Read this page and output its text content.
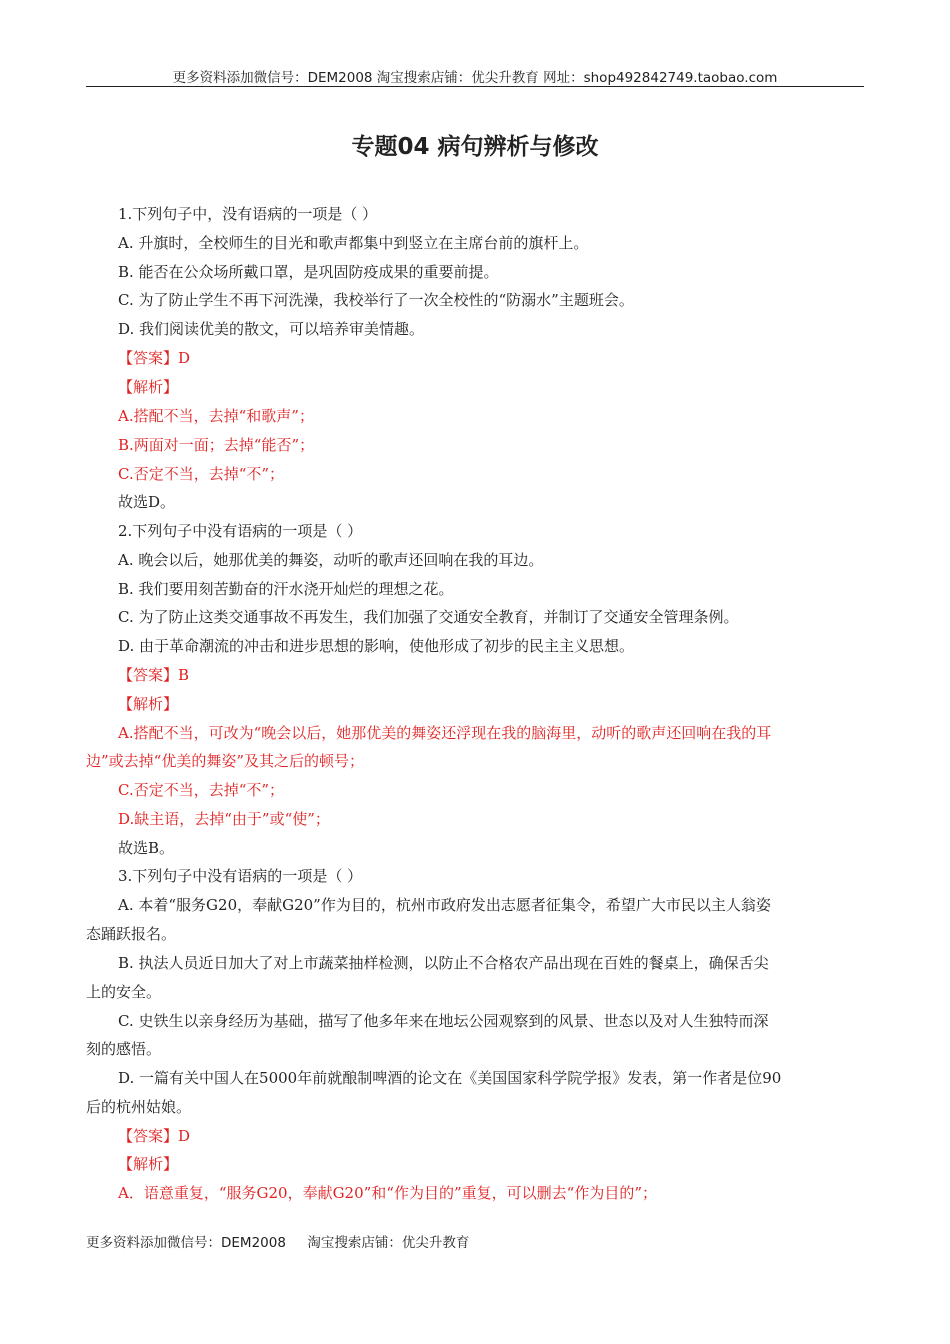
更多资料添加微信号：DEM2008 淘宝搜索店铺：优尖升教育 网址：shop492842749.taobao.com
专题04 病句辨析与修改
1.下列句子中，没有语病的一项是（ ）
A. 升旗时，全校师生的目光和歌声都集中到竖立在主席台前的旗杆上。
B. 能否在公众场所戴口罩，是巩固防疫成果的重要前提。
C. 为了防止学生不再下河洗澡，我校举行了一次全校性的“防溺水”主题班会。
D. 我们阅读优美的散文，可以培养审美情趣。
【答案】D
【解析】
A.搭配不当，去掉“和歌声”；
B.两面对一面；去掉“能否”；
C.否定不当，去掉“不”；
故选D。
2.下列句子中没有语病的一项是（ ）
A. 晚会以后，她那优美的舞姿，动听的歌声还回响在我的耳边。
B. 我们要用刻苦勤奋的汗水浇开灿烂的理想之花。
C. 为了防止这类交通事故不再发生，我们加强了交通安全教育，并制订了交通安全管理条例。
D. 由于革命潮流的冲击和进步思想的影响，使他形成了初步的民主主义思想。
【答案】B
【解析】
A.搭配不当，可改为“晚会以后，她那优美的舞姿还浮现在我的脑海里，动听的歌声还回响在我的耳
边”或去掉“优美的舞姿”及其之后的顿号；
C.否定不当，去掉“不”；
D.缺主语，去掉“由于”或“使”；
故选B。
3.下列句子中没有语病的一项是（ ）
A. 本着“服务G20，奉献G20”作为目的，杭州市政府发出志愿者征集令，希望广大市民以主人翁姿
态踊跃报名。
B. 执法人员近日加大了对上市蔬菜抽样检测，以防止不合格农产品出现在百姓的餐桌上，确保舌尖
上的安全。
C. 史铁生以亲身经历为基础，描写了他多年来在地坛公园观察到的风景、世态以及对人生独特而深
刻的感悟。
D. 一篇有关中国人在5000年前就酿制啤酒的论文在《美国国家科学院学报》发表，第一作者是位90
后的杭州姑娘。
【答案】D
【解析】
A．语意重复，“服务G20，奉献G20”和“作为目的”重复，可以删去“作为目的”；
更多资料添加微信号：DEM2008     淘宝搜索店铺：优尖升教育
